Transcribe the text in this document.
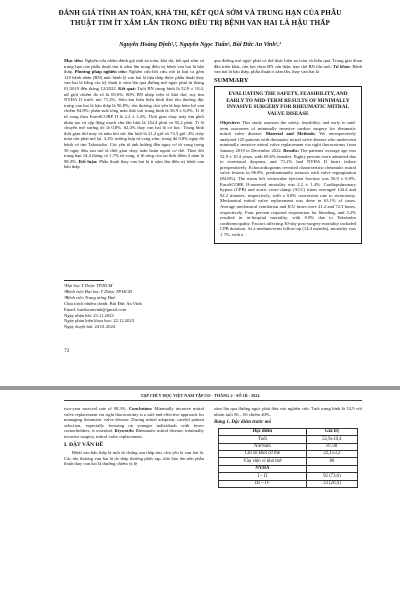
ĐÁNH GIÁ TÍNH AN TOÀN, KHẢ THI, KẾT QUẢ SỚM VÀ TRUNG HẠN CỦA PHẪU THUẬT TIM ÍT XÂM LẤN TRONG ĐIỀU TRỊ BỆNH VAN HAI LÁ HẬU THẤP
Nguyễn Hoàng Định¹,², Nguyễn Ngọc Tuấn¹, Bùi Đức An Vinh¹,³

Mục tiêu: Nghiên cứu nhằm đánh giá tính an toàn, khả thi, kết quả sớm và trung hạn của phẫu thuật tim ít xâm lấn trong điều trị bệnh van hai lá hậu thấp. Phương pháp nghiên cứu: Nghiên cứu hồi cứu, mô tả loạt ca gồm 125 bệnh nhân (BN) mắc bệnh lý van hai lá hậu thấp được phẫu thuật thay van hai lá bằng các kỹ thuật ít xâm lấn qua đường mở ngực phải từ tháng 01/2019 đến tháng 12/2022. Kết quả: Tuổi BN trung bình là 52,9 ± 10,4, nữ giới chiếm đa số là 69,6%. 80% BN nhập viện vì khó thở, suy tim NYHA II trước mổ 71,2%. Siêu âm biểu hiện hình thái tổn thương đặc trưng van hai lá hậu thấp là 96,8%; tổn thương chủ yếu là hẹp kèm hở van chiếm 84,8%; phân suất tống máu thất trái trung bình là 56,9 ± 6,0%. Tỉ lệ tử vong theo EuroSCORE II là 2,2 ± 1,4%. Thời gian chạy máy tim phổi nhân tạo và cặp động mạch chủ lần lượt là 144,4 phút và 92,2 phút. Tỉ lệ chuyển mở xương ức là 0,8%. 62,4% thay van hai lá cơ học. Trung bình thời gian thở máy và nằm hồi sức lần lượt là 21,2 giờ và 72,3 giờ. 4% chảy máu cần phải mổ lại. 3,2% trường hợp tử vong sớm, trong đó 0,8% ngày đó bệnh cơ tim Takotsubo. Các yếu tố ảnh hưởng đến nguy cơ tử vong trong 30 ngày đầu sau mổ là thời gian chạy tuần hoàn ngoài cơ thể. Theo dõi trung hạn 14,4 tháng có 1,7% tử vong, tỉ lệ sống còn tai thời điểm 2 năm là 98,3%. Kết luận: Phẫu thuật thay van hai lá ít xâm lấn điều trị bệnh van hậu thấp

¹Đại học Y Dược TP.HCM
²Bệnh viện Đại học Y Dược TP.HCM
³Bệnh viện Trung ương Huế
Chịu trách nhiệm chính: Bùi Đức An Vinh
Email: buiducanvinh@gmail.com
Ngày nhận bài: 23.11.2023
Ngày phản biện khoa học: 22.12.2023
Ngày duyệt bài: 24.01.2024
72

qua đường mở ngực phải có thể thực hiện an toàn và hiệu quả. Trong giai đoạn đầu triển khai, cần lựa chọn BN cẩn thận, hạn chế BN lớn tuổi. Từ khóa: Bệnh van hai lá hậu thấp, phẫu thuật ít xâm lấn, thay van hai lá

SUMMARY
EVALUATING THE SAFETY, FEASIBILITY, AND EARLY TO MID-TERM RESULTS OF MINIMALLY INVASIVE SURGERY FOR RHEUMATIC MITRAL VALVE DISEASE

Objective: This study assesses the safety, feasibility, and early to mid-term outcomes of minimally invasive cardiac surgery for rheumatic mitral valve disease. Material and Methods: We retrospectively analyzed 125 patients with rheumatic mitral valve disease who underwent minimally invasive mitral valve replacement via right thoracotomy from January 2019 to December 2022. Results: The patients' average age was 52.9 ± 10.4 years, with 69.6% females. Eighty percent were admitted due to exertional dyspnea, and 71.2% had NYHA II heart failure preoperatively. Echocardiograms revealed characteristic rheumatic mitral valve lesions in 96.8%, predominantly stenosis with valve regurgitation (84.8%). The mean left ventricular ejection fraction was 56.9 ± 6.0%. EuroSCORE II-assessed mortality was 2.2 ± 1.4%. Cardiopulmonary bypass (CPB) and aortic cross-clamp (ACC) times averaged 144.4 and 92.2 minutes, respectively, with a 0.8% conversion rate to sternotomy. Mechanical mitral valve replacement was done in 63.1% of cases. Average mechanical ventilation and ICU times were 21.2 and 72.3 hours, respectively. Four percent required reoperation for bleeding, and 3.2% resulted in in-hospital mortality, with 0.8% due to Takotsubo cardiomyopathy. Factors affecting 30-day post-surgery mortality included CPB duration. At a medium-term follow-up (14.4 months), mortality was 1.7%, with a

TẠP CHÍ Y HỌC VIỆT NAM TẬP 535 - THÁNG 2 - SỐ 1B - 2024

two-year survival rate of 98.3%. Conclusion: Minimally invasive mitral valve replacement via right thoracotomy is a safe and effective approach for managing rheumatic valve disease. During initial adoption, careful patient selection, especially focusing on younger individuals with fewer comorbidities, is essential. Keywords: Rheumatic mitral disease, minimally invasive surgery, mitral valve replacement.

I. ĐẶT VẤN ĐỀ

Bệnh van hậu thấp là một di chứng sau thấp tim, chủ yếu là van hai lá. Các tổn thương van hai lá do thấp thường phức tạp, khó bảo tồn nên phẫu thuật thay van hai lá thường chiếm tỷ lệ

xâm lấn qua đường ngực phải đưa vào nghiên cứu. Tuổi trung bình là 52,9 với nhóm tuổi 56 – 65 chiếm 40%.

Bảng 1. Đặc điểm trước mổ
Đặc điểm	Giá trị
Tuổi	52,9±10,4
Nữ/Nam	87/38
Chỉ số khối cơ thể	22,1±3,2
Vào viện vì khó thở	80
NYHA	
I – II	92 (73,6)
III – IV	33 (26,4)
